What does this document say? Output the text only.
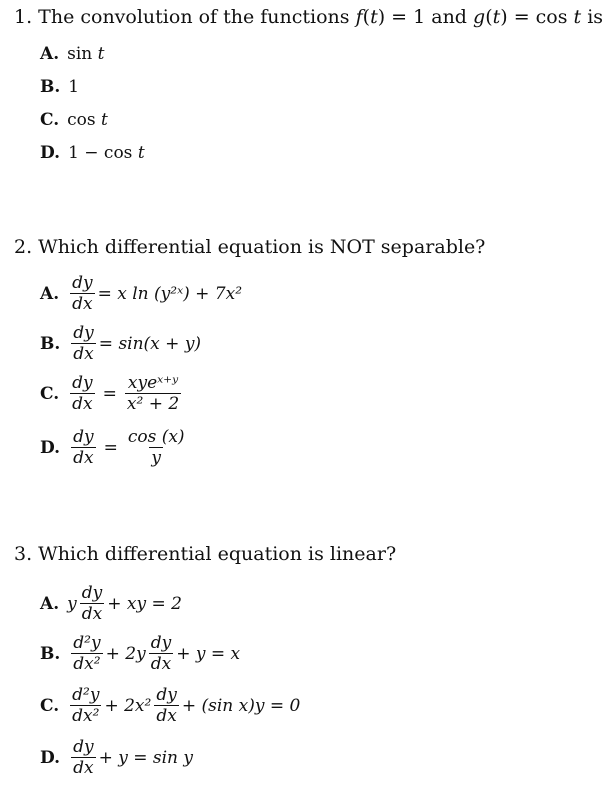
1. The convolution of the functions f(t) = 1 and g(t) = cos t is
A. sin
t
B. 1
C. cos
t
D. 1 − cos
t
2. Which differential equation is NOT separable?
A. $\frac{dy}{dx} = x$ ln (y²ˣ) + 7x²
B. $\frac{dy}{dx} = \sin(x + y)$
C. $\frac{dy}{dx} = \frac{\text{xyeˣ⁺ʸ}}{\text{x² + 2}}$
D. $\frac{dy}{dx} = \frac{\cos (x)}{y}$
3. Which differential equation is linear?
A. y $\frac{dy}{dx}$ + xy = 2
B. $\frac{\text{d²y}}{\text{dx²}} + 2y \frac{dy}{dx} + y = x$
C. $\frac{\text{d²y}}{\text{dx²}} + 2x^2 \frac{dy}{dx} + (\sin$ x)y = 0
D. $\frac{dy}{dx} + y = \sin y$
